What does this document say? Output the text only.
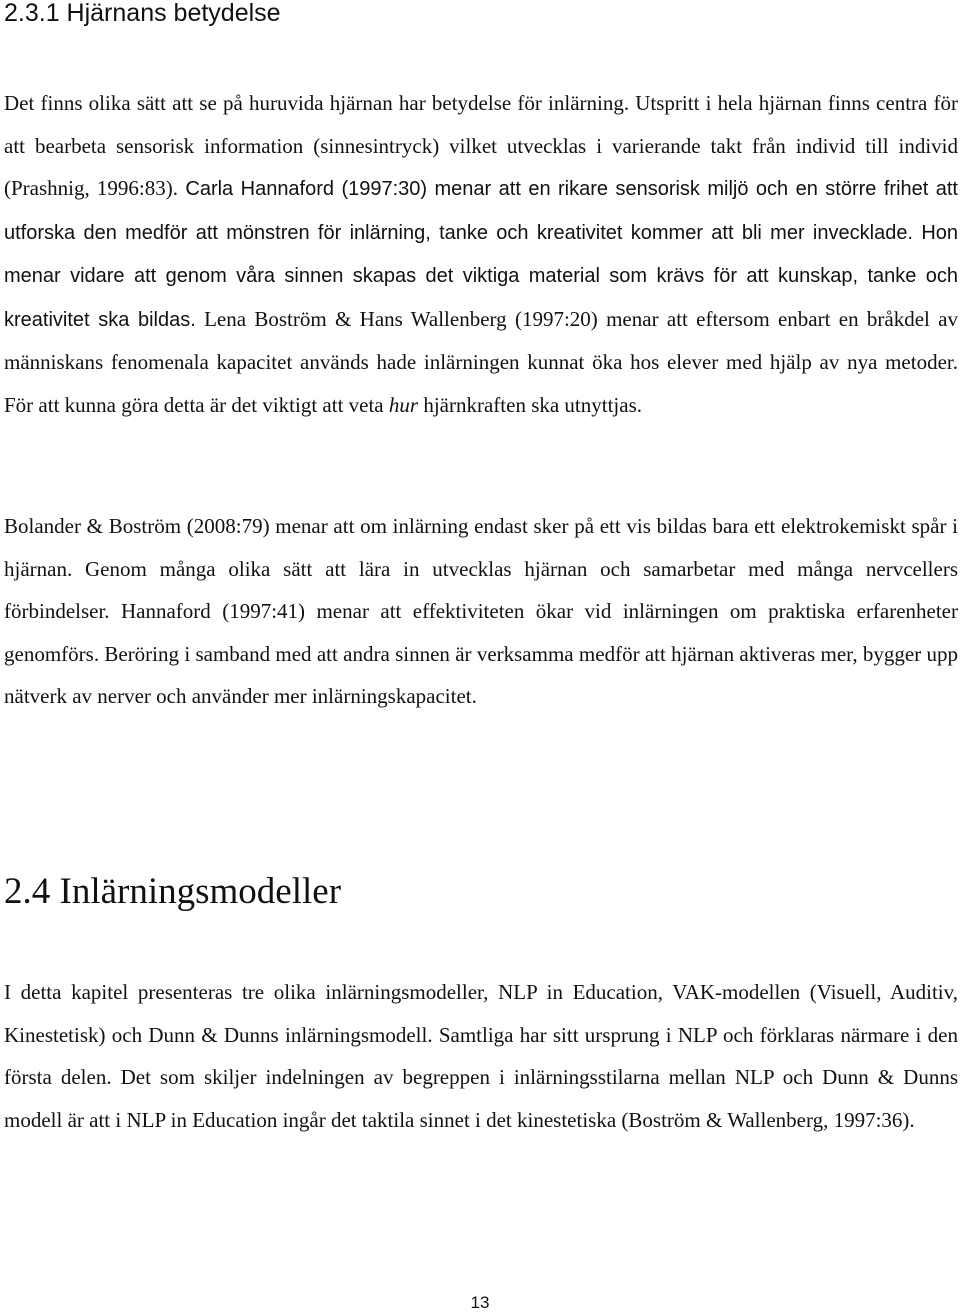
2.3.1 Hjärnans betydelse

Det finns olika sätt att se på huruvida hjärnan har betydelse för inlärning. Utspritt i hela hjärnan finns centra för att bearbeta sensorisk information (sinnesintryck) vilket utvecklas i varierande takt från individ till individ (Prashnig, 1996:83). Carla Hannaford (1997:30) menar att en rikare sensorisk miljö och en större frihet att utforska den medför att mönstren för inlärning, tanke och kreativitet kommer att bli mer invecklade. Hon menar vidare att genom våra sinnen skapas det viktiga material som krävs för att kunskap, tanke och kreativitet ska bildas. Lena Boström & Hans Wallenberg (1997:20) menar att eftersom enbart en bråkdel av människans fenomenala kapacitet används hade inlärningen kunnat öka hos elever med hjälp av nya metoder. För att kunna göra detta är det viktigt att veta hur hjärnkraften ska utnyttjas.

Bolander & Boström (2008:79) menar att om inlärning endast sker på ett vis bildas bara ett elektrokemiskt spår i hjärnan. Genom många olika sätt att lära in utvecklas hjärnan och samarbetar med många nervcellers förbindelser. Hannaford (1997:41) menar att effektiviteten ökar vid inlärningen om praktiska erfarenheter genomförs. Beröring i samband med att andra sinnen är verksamma medför att hjärnan aktiveras mer, bygger upp nätverk av nerver och använder mer inlärningskapacitet.

2.4 Inlärningsmodeller

I detta kapitel presenteras tre olika inlärningsmodeller, NLP in Education, VAK-modellen (Visuell, Auditiv, Kinestetisk) och Dunn & Dunns inlärningsmodell. Samtliga har sitt ursprung i NLP och förklaras närmare i den första delen. Det som skiljer indelningen av begreppen i inlärningsstilarna mellan NLP och Dunn & Dunns modell är att i NLP in Education ingår det taktila sinnet i det kinestetiska (Boström & Wallenberg, 1997:36).

13
